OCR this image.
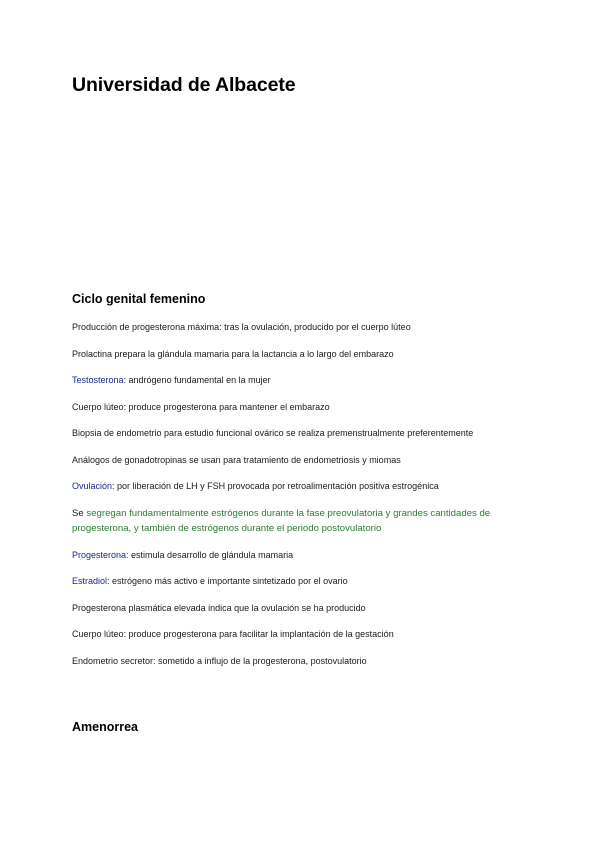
Universidad de Albacete
Ciclo genital femenino
Producción de progesterona máxima: tras la ovulación, producido por el cuerpo lúteo
Prolactina prepara la glándula mamaria para la lactancia a lo largo del embarazo
Testosterona: andrógeno fundamental en la mujer
Cuerpo lúteo: produce progesterona para mantener el embarazo
Biopsia de endometrio para estudio funcional ovárico se realiza premenstrualmente preferentemente
Análogos de gonadotropinas se usan para tratamiento de endometriosis y miomas
Ovulación: por liberación de LH y FSH provocada por retroalimentación positiva estrogénica
Se segregan fundamentalmente estrógenos durante la fase preovulatoria y grandes cantidades de progesterona, y también de estrógenos durante el periodo postovulatorio
Progesterona: estimula desarrollo de glándula mamaria
Estradiol: estrógeno más activo e importante sintetizado por el ovario
Progesterona plasmática elevada indica que la ovulación se ha producido
Cuerpo lúteo: produce progesterona para facilitar la implantación de la gestación
Endometrio secretor: sometido a influjo de la progesterona, postovulatorio
Amenorrea
